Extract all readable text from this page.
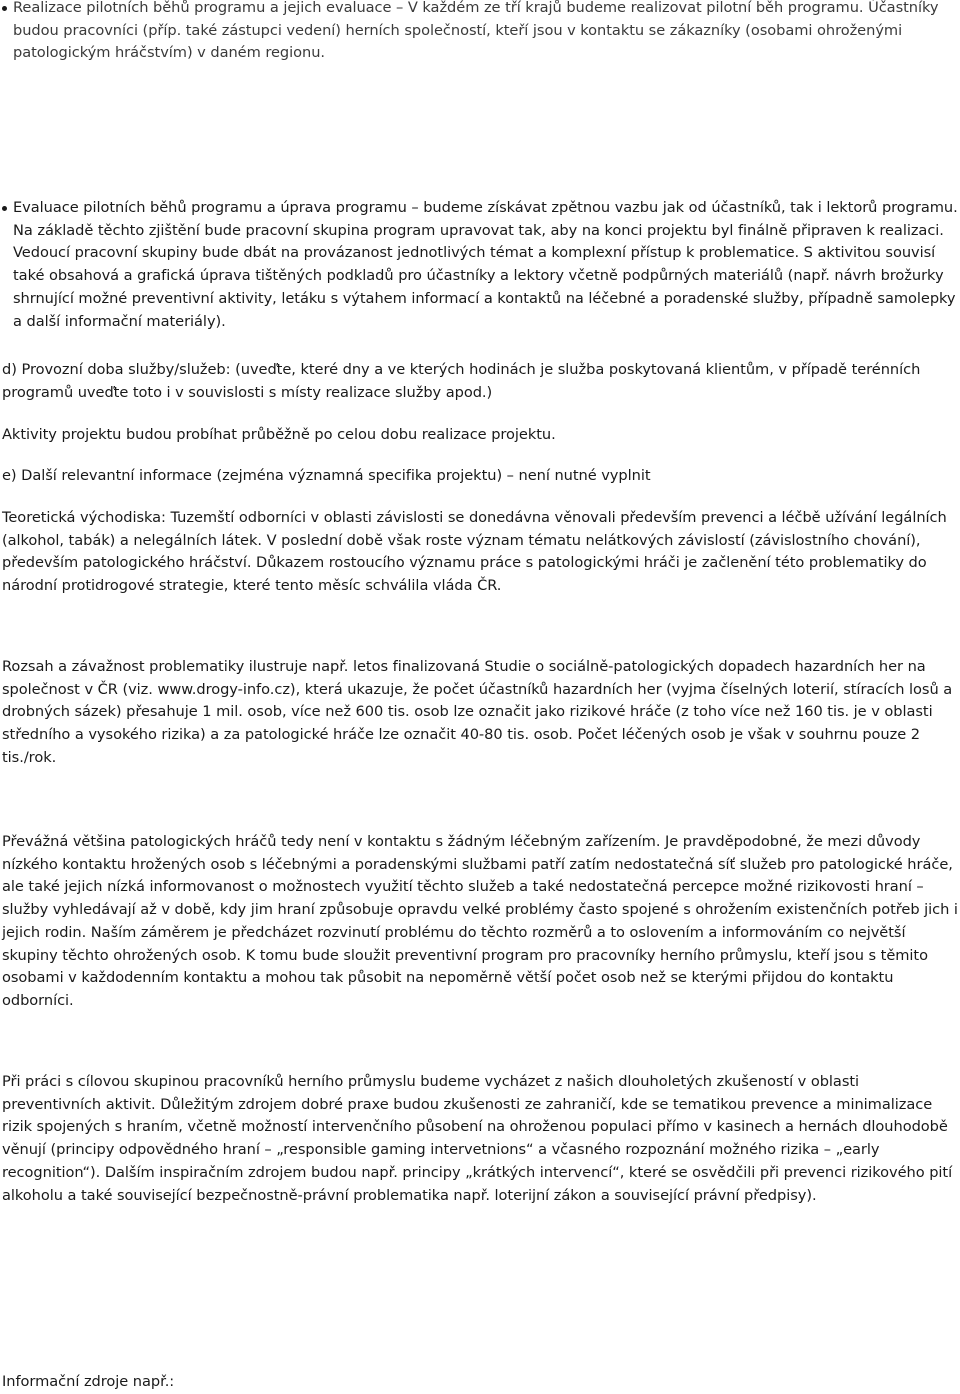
Realizace pilotních běhů programu a jejich evaluace – V každém ze tří krajů budeme realizovat pilotní běh programu. Účastníky budou pracovníci (příp. také zástupci vedení) herních společností, kteří jsou v kontaktu se zákazníky (osobami ohroženými patologickým hráčstvím) v daném regionu.

Evaluace pilotních běhů programu a úprava programu – budeme získávat zpětnou vazbu jak od účastníků, tak i lektorů programu. Na základě těchto zjištění bude pracovní skupina program upravovat tak, aby na konci projektu byl finálně připraven k realizaci. Vedoucí pracovní skupiny bude dbát na provázanost jednotlivých témat a komplexní přístup k problematice. S aktivitou souvisí také obsahová a grafická úprava tištěných podkladů pro účastníky a lektory včetně podpůrných materiálů (např. návrh brožurky shrnující možné preventivní aktivity, letáku s výtahem informací a kontaktů na léčebné a poradenské služby, případně samolepky a další informační materiály).

d) Provozní doba služby/služeb: (uveďte, které dny a ve kterých hodinách je služba poskytovaná klientům, v případě terénních programů uveďte toto i v souvislosti s místy realizace služby apod.)

Aktivity projektu budou probíhat průběžně po celou dobu realizace projektu.

e) Další relevantní informace (zejména významná specifika projektu) – není nutné vyplnit

Teoretická východiska: Tuzemští odborníci v oblasti závislosti se donedávna věnovali především prevenci a léčbě užívání legálních (alkohol, tabák) a nelegálních látek. V poslední době však roste význam tématu nelátkových závislostí (závislostního chování), především patologického hráčství. Důkazem rostoucího významu práce s patologickými hráči je začlenění této problematiky do národní protidrogové strategie, které tento měsíc schválila vláda ČR.

Rozsah a závažnost problematiky ilustruje např. letos finalizovaná Studie o sociálně-patologických dopadech hazardních her na společnost v ČR (viz. www.drogy-info.cz), která ukazuje, že počet účastníků hazardních her (vyjma číselných loterií, stíracích losů a drobných sázek) přesahuje 1 mil. osob, více než 600 tis. osob lze označit jako rizikové hráče (z toho více než 160 tis. je v oblasti středního a vysokého rizika) a za patologické hráče lze označit 40-80 tis. osob. Počet léčených osob je však v souhrnu pouze 2 tis./rok.

Převážná většina patologických hráčů tedy není v kontaktu s žádným léčebným zařízením. Je pravděpodobné, že mezi důvody nízkého kontaktu hrožených osob s léčebnými a poradenskými službami patří zatím nedostatečná síť služeb pro patologické hráče, ale také jejich nízká informovanost o možnostech využití těchto služeb a také nedostatečná percepce možné rizikovosti hraní – služby vyhledávají až v době, kdy jim hraní způsobuje opravdu velké problémy často spojené s ohrožením existenčních potřeb jich i jejich rodin. Naším záměrem je předcházet rozvinutí problému do těchto rozměrů a to oslovením a informováním co největší skupiny těchto ohrožených osob. K tomu bude sloužit preventivní program pro pracovníky herního průmyslu, kteří jsou s těmito osobami v každodenním kontaktu a mohou tak působit na nepoměrně větší počet osob než se kterými přijdou do kontaktu odborníci.

Při práci s cílovou skupinou pracovníků herního průmyslu budeme vycházet z našich dlouholetých zkušeností v oblasti preventivních aktivit. Důležitým zdrojem dobré praxe budou zkušenosti ze zahraničí, kde se tematikou prevence a minimalizace rizik spojených s hraním, včetně možností intervenčního působení na ohroženou populaci přímo v kasinech a hernách dlouhodobě věnují (principy odpovědného hraní – „responsible gaming intervetnions“ a včasného rozpoznání možného rizika – „early recognition“). Dalším inspiračním zdrojem budou např. principy „krátkých intervencí“, které se osvědčili při prevenci rizikového pití alkoholu a také související bezpečnostně-právní problematika např. loterijní zákon a související právní předpisy).

Informační zdroje např.:
